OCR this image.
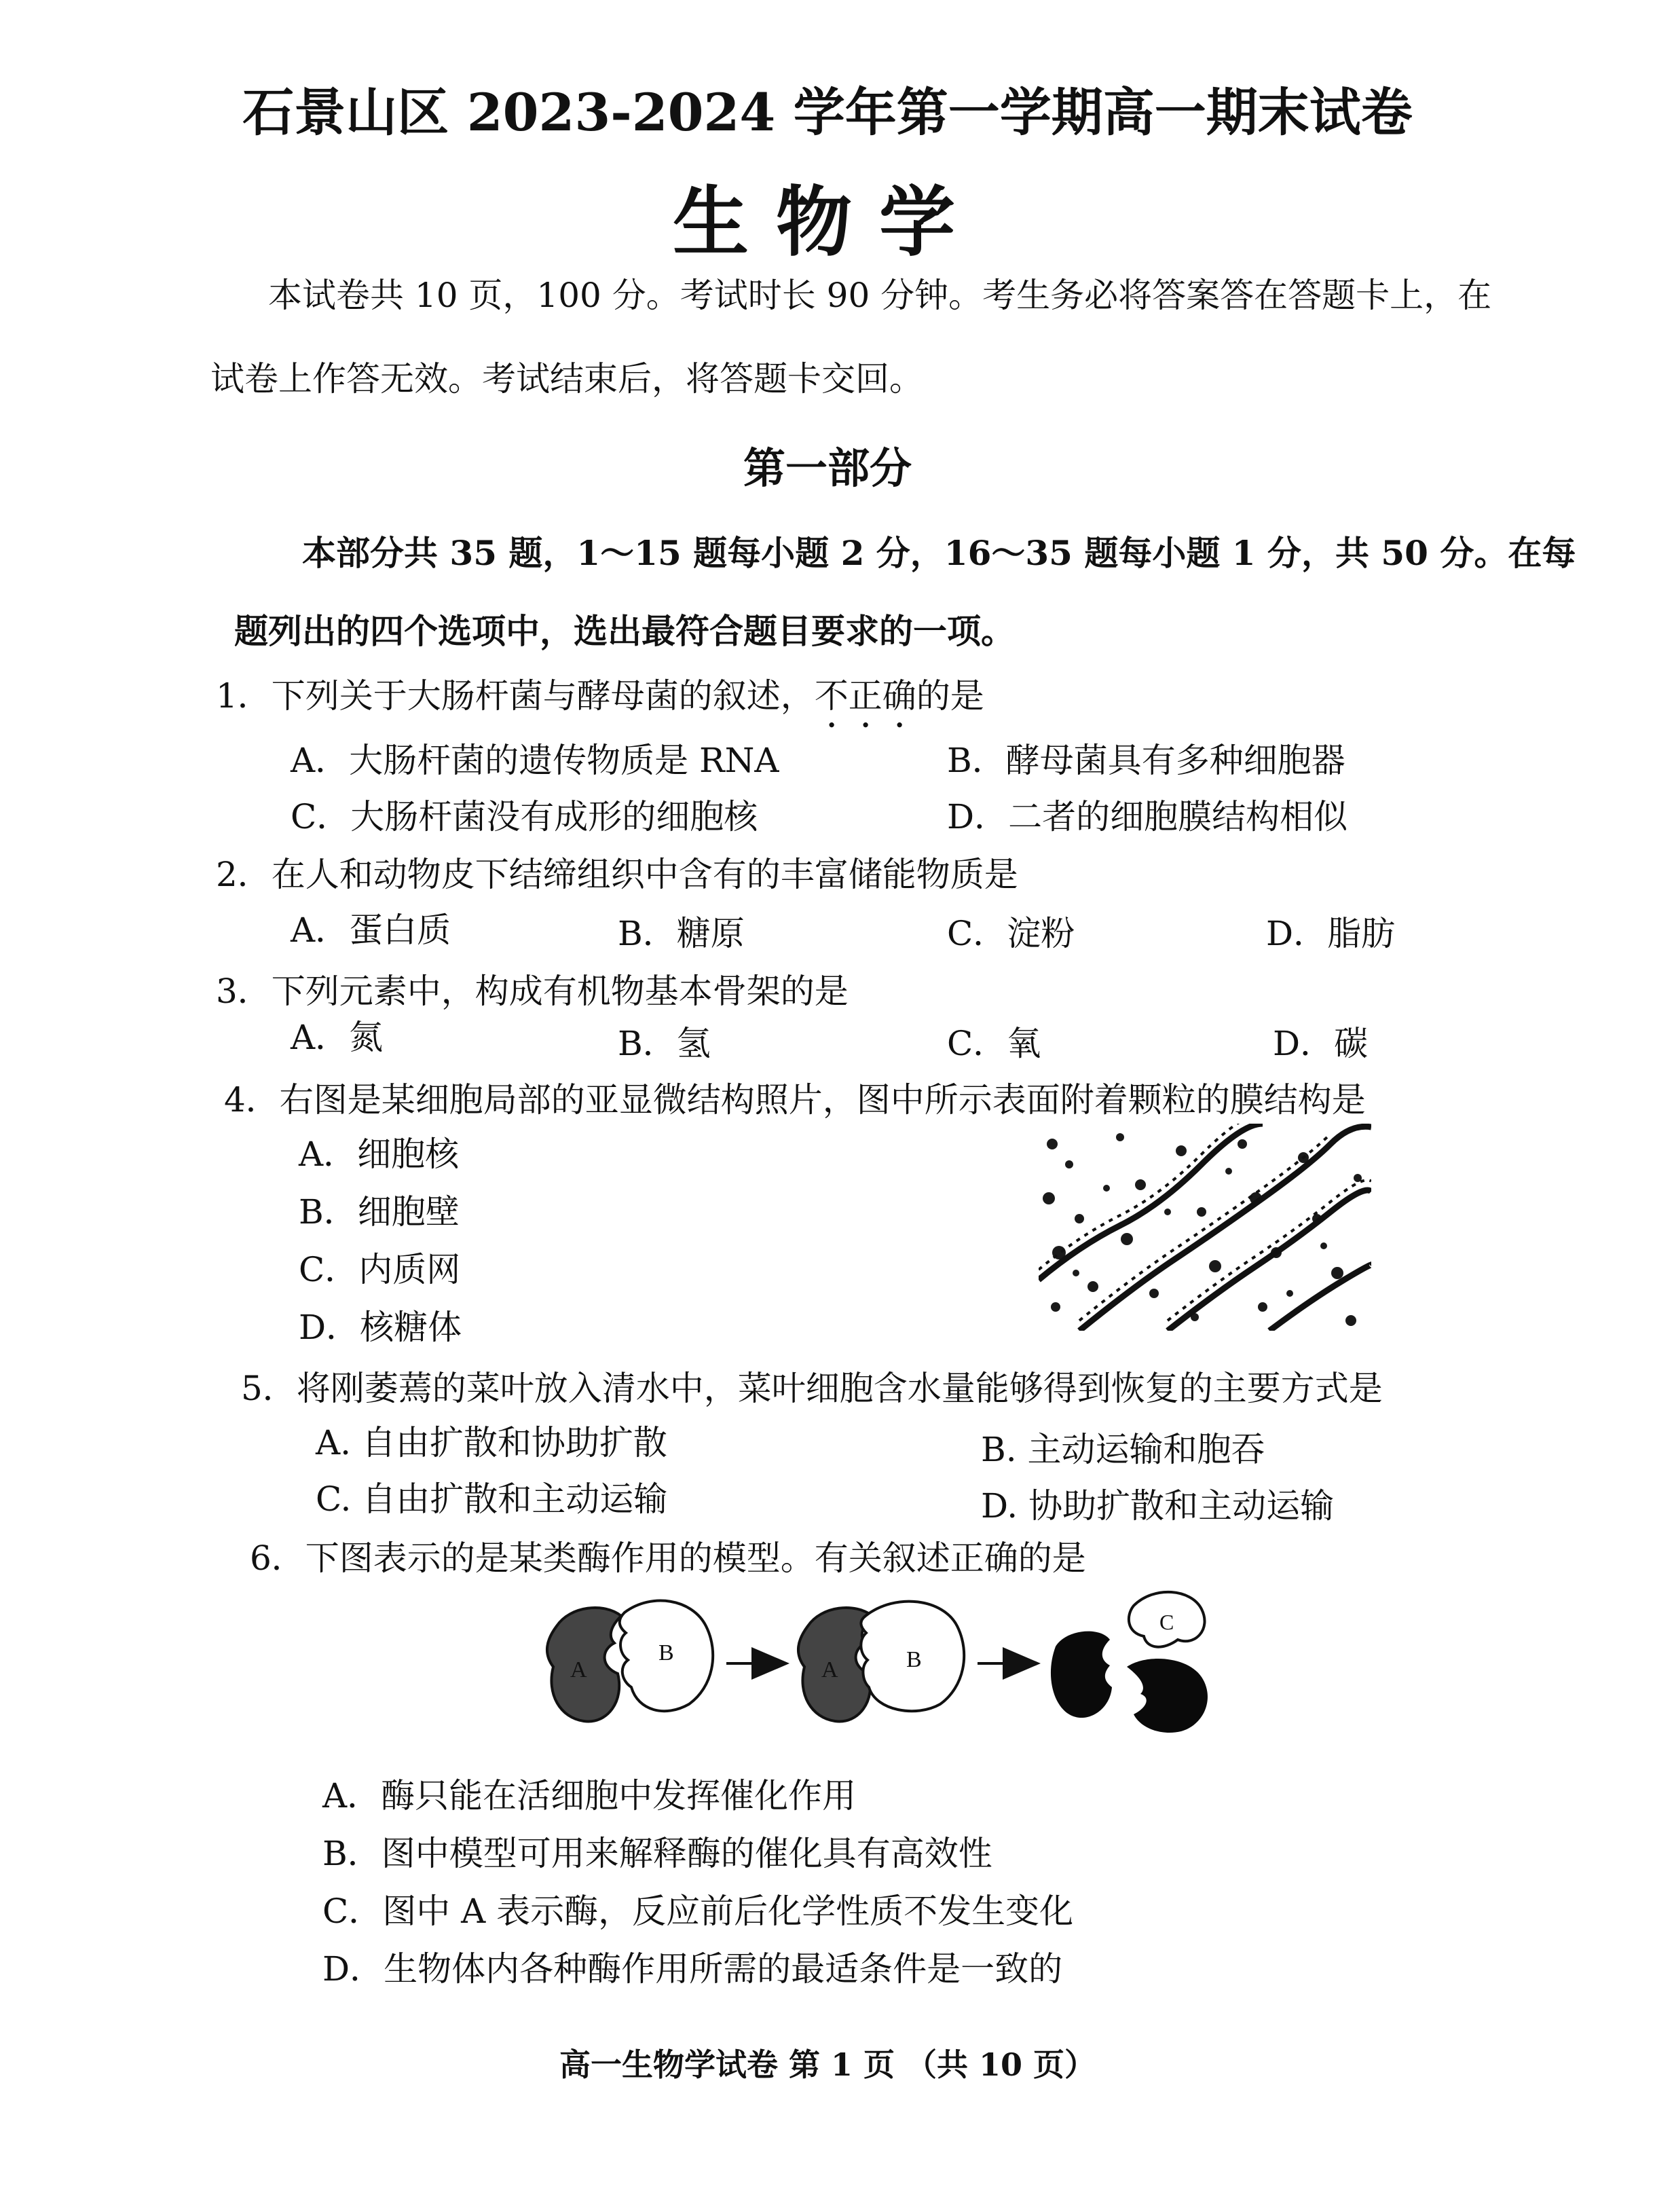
石景山区 2023-2024 学年第一学期高一期末试卷
生物学
本试卷共 10 页，100 分。考试时长 90 分钟。考生务必将答案答在答题卡上，在
试卷上作答无效。考试结束后，将答题卡交回。
第一部分
本部分共 35 题，1～15 题每小题 2 分，16～35 题每小题 1 分，共 50 分。在每
题列出的四个选项中，选出最符合题目要求的一项。
1．下列关于大肠杆菌与酵母菌的叙述，不正确的是
A．大肠杆菌的遗传物质是 RNA	B．酵母菌具有多种细胞器
C．大肠杆菌没有成形的细胞核	D．二者的细胞膜结构相似
2．在人和动物皮下结缔组织中含有的丰富储能物质是
A．蛋白质	B．糖原	C．淀粉	D．脂肪
3．下列元素中，构成有机物基本骨架的是
A．氮	B．氢	C．氧	D．碳
4．右图是某细胞局部的亚显微结构照片，图中所示表面附着颗粒的膜结构是
A．细胞核
B．细胞壁
C．内质网
D．核糖体
5．将刚萎蔫的菜叶放入清水中，菜叶细胞含水量能够得到恢复的主要方式是
A. 自由扩散和协助扩散	B. 主动运输和胞吞
C. 自由扩散和主动运输	D. 协助扩散和主动运输
6．下图表示的是某类酶作用的模型。有关叙述正确的是
A
B
A	B
C
A．酶只能在活细胞中发挥催化作用
B．图中模型可用来解释酶的催化具有高效性
C．图中 A 表示酶，反应前后化学性质不发生变化
D．生物体内各种酶作用所需的最适条件是一致的
高一生物学试卷 第 1 页 （共 10 页）
